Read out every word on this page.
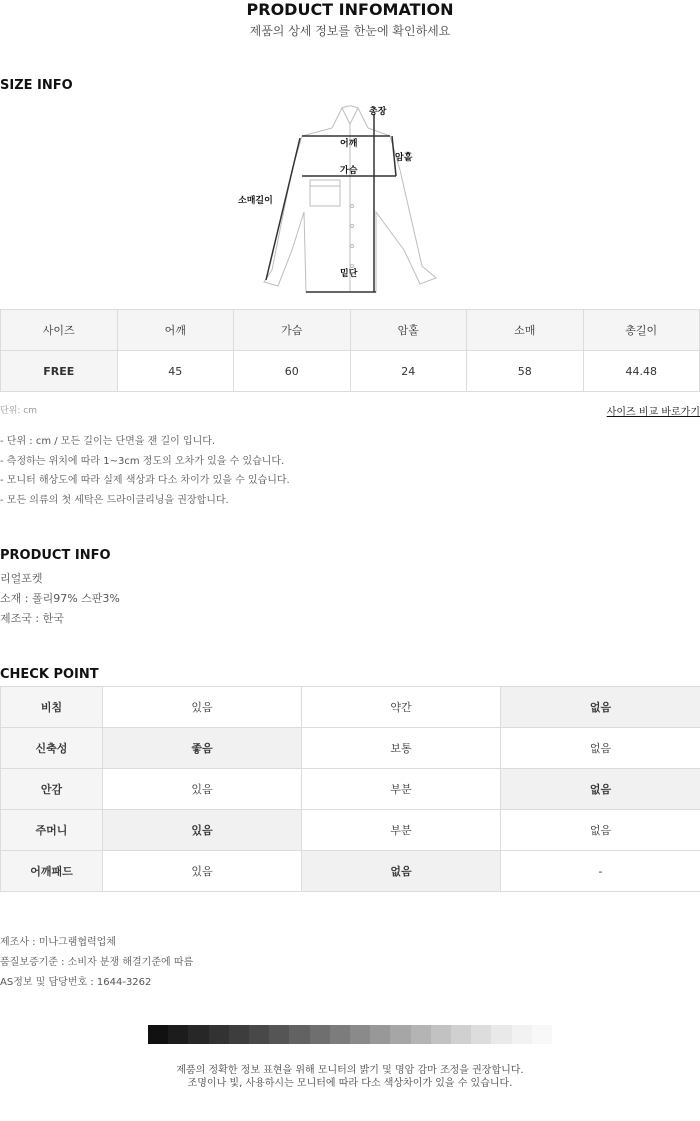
PRODUCT INFOMATION
제품의 상세 정보를 한눈에 확인하세요
SIZE INFO
총장
어깨
암홀
가슴
소매길이
밑단
사이즈	어깨	가슴	암홀	소매	총길이
FREE	45	60	24	58	44.48
단위: cm	사이즈 비교 바로가기
- 단위 : cm / 모든 길이는 단면을 잰 길이 입니다.
- 측정하는 위치에 따라 1~3cm 정도의 오차가 있을 수 있습니다.
- 모니터 해상도에 따라 실제 색상과 다소 차이가 있을 수 있습니다.
- 모든 의류의 첫 세탁은 드라이클리닝을 권장합니다.
PRODUCT INFO
리얼포켓
소재 : 폴리97% 스판3%
제조국 : 한국
CHECK POINT
비침	있음	약간	없음
신축성	좋음	보통	없음
안감	있음	부분	없음
주머니	있음	부분	없음
어깨패드	있음	없음	-
제조사 : 미나그램협력업체
품질보증기준 : 소비자 분쟁 해결기준에 따름
AS정보 및 담당번호 : 1644-3262
제품의 정확한 정보 표현을 위해 모니터의 밝기 및 명암 감마 조정을 권장합니다.
조명이나 빛, 사용하시는 모니터에 따라 다소 색상차이가 있을 수 있습니다.
